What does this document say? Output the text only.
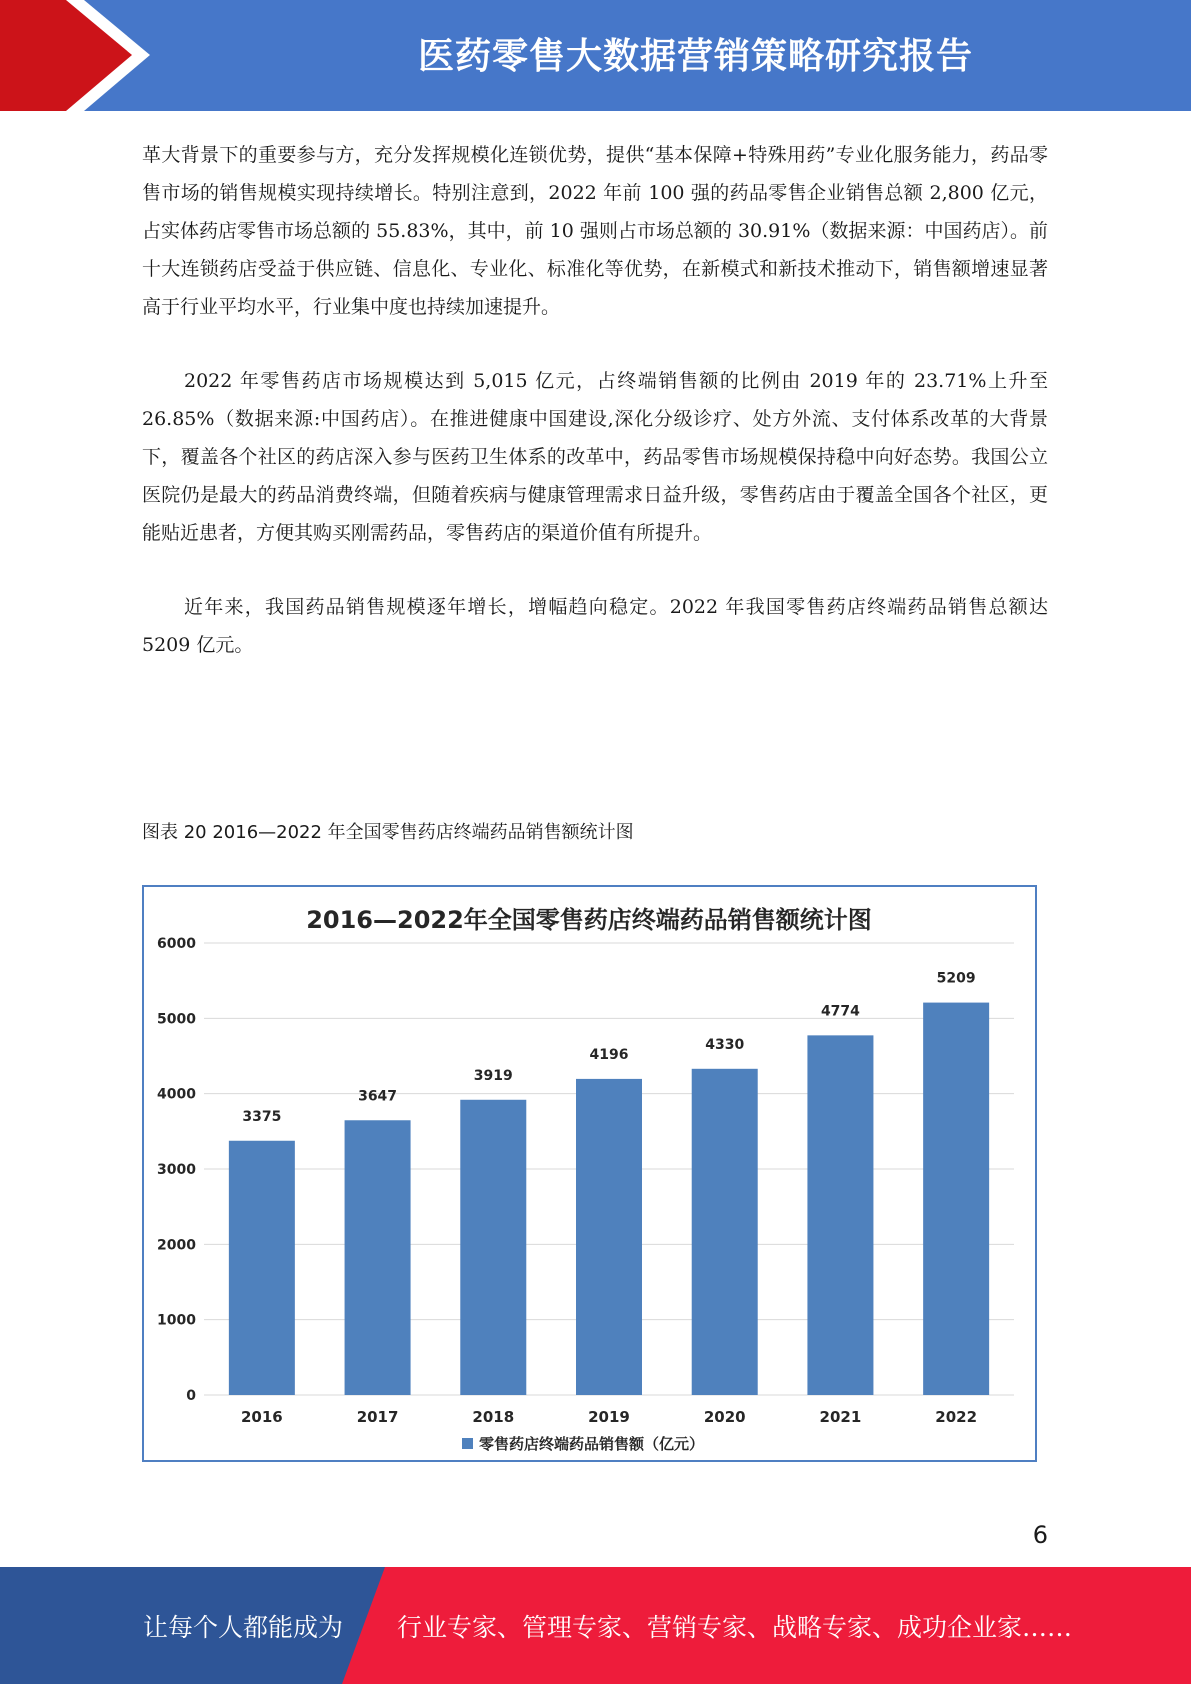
医药零售大数据营销策略研究报告

革大背景下的重要参与方，充分发挥规模化连锁优势，提供“基本保障+特殊用药”专业化服务能力，药品零售市场的销售规模实现持续增长。特别注意到，2022 年前 100 强的药品零售企业销售总额 2,800 亿元，占实体药店零售市场总额的 55.83%，其中，前 10 强则占市场总额的 30.91%（数据来源：中国药店）。前十大连锁药店受益于供应链、信息化、专业化、标准化等优势，在新模式和新技术推动下，销售额增速显著高于行业平均水平，行业集中度也持续加速提升。

2022 年零售药店市场规模达到 5,015 亿元，占终端销售额的比例由 2019 年的 23.71%上升至 26.85%（数据来源:中国药店）。在推进健康中国建设,深化分级诊疗、处方外流、支付体系改革的大背景下，覆盖各个社区的药店深入参与医药卫生体系的改革中，药品零售市场规模保持稳中向好态势。我国公立医院仍是最大的药品消费终端，但随着疾病与健康管理需求日益升级，零售药店由于覆盖全国各个社区，更能贴近患者，方便其购买刚需药品，零售药店的渠道价值有所提升。

近年来，我国药品销售规模逐年增长，增幅趋向稳定。2022 年我国零售药店终端药品销售总额达 5209 亿元。

图表 20 2016—2022 年全国零售药店终端药品销售额统计图
2016—2022年全国零售药店终端药品销售额统计图
0
1000
2000
3000
4000
5000
6000
3375
2016
3647
2017
3919
2018
4196
2019
4330
2020
4774
2021
5209
2022
零售药店终端药品销售额（亿元）
6
让每个人都能成为 行业专家、管理专家、营销专家、战略专家、成功企业家……
